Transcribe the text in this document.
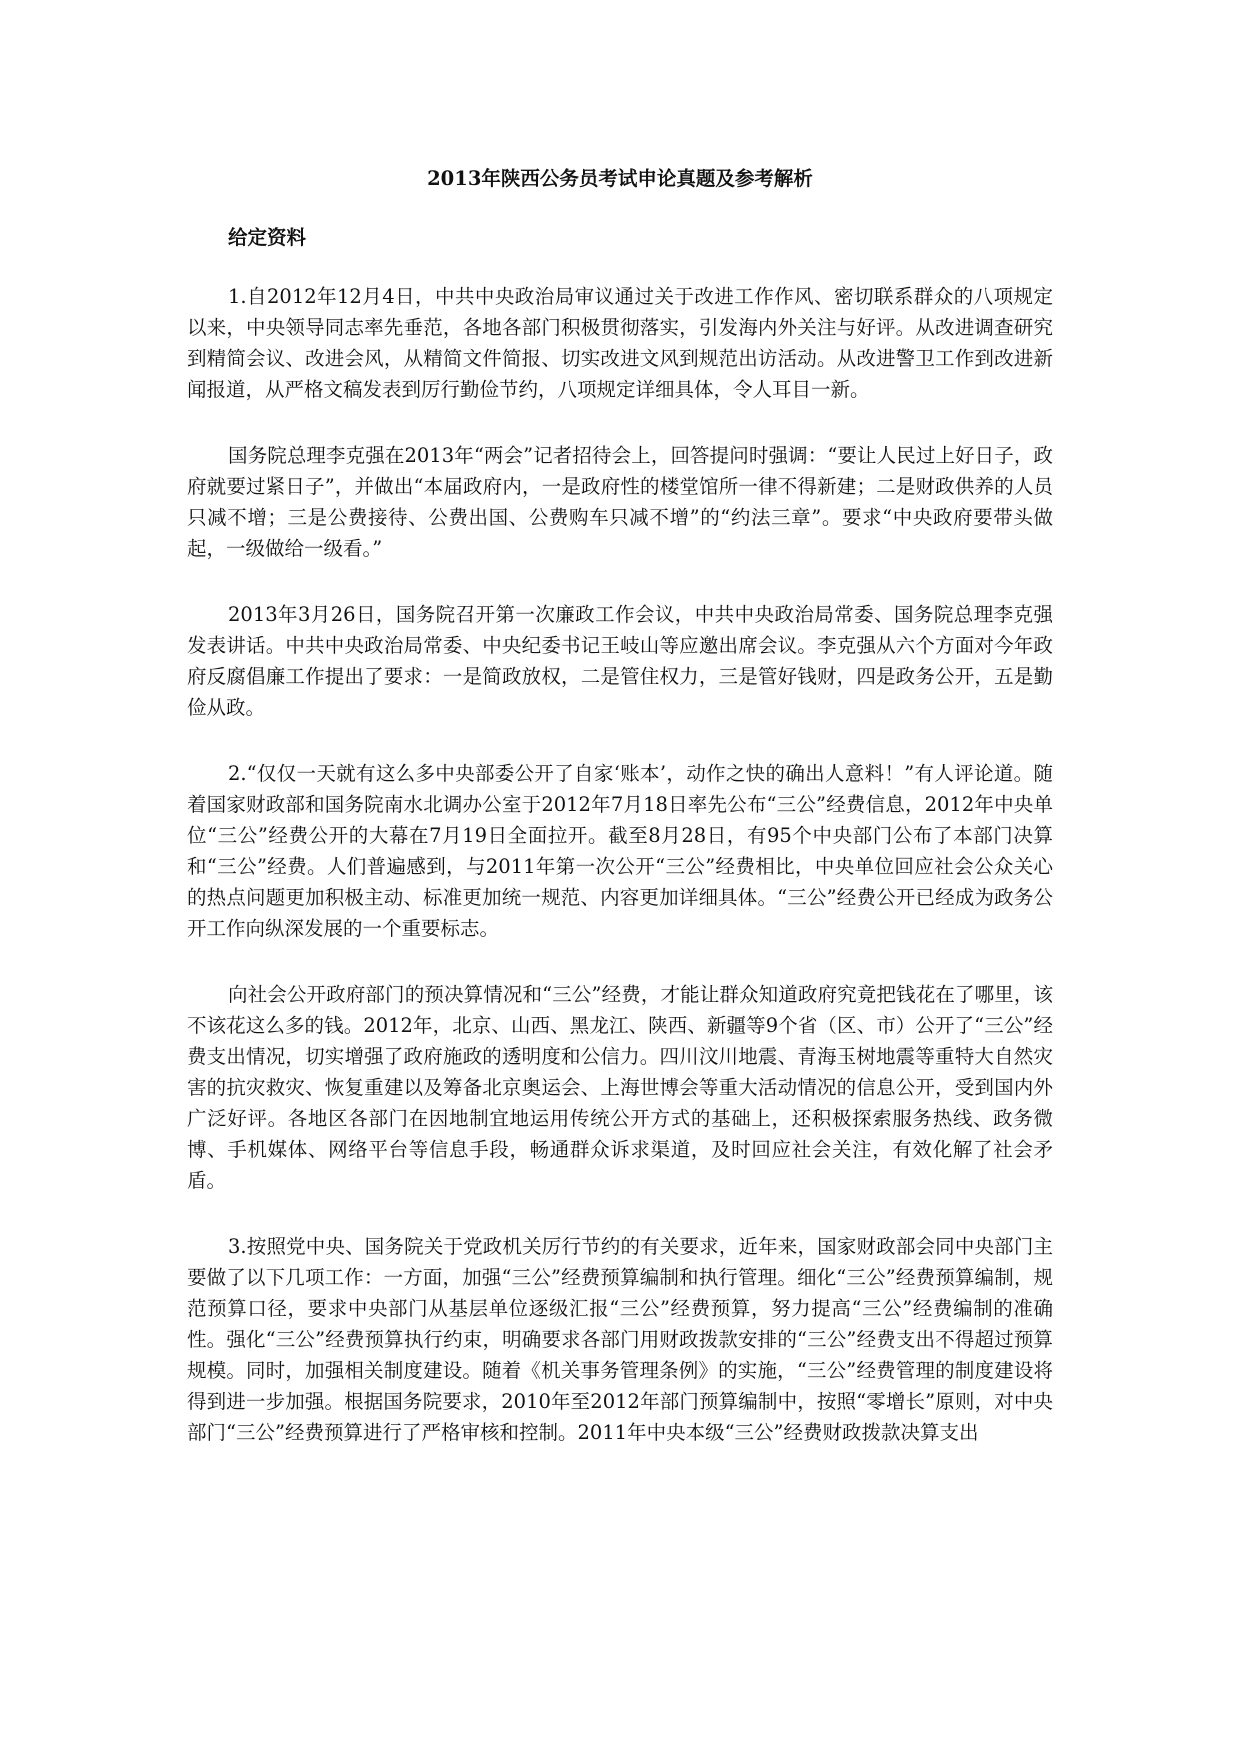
2013年陕西公务员考试申论真题及参考解析
给定资料

1.自2012年12月4日，中共中央政治局审议通过关于改进工作作风、密切联系群众的八项规定以来，中央领导同志率先垂范，各地各部门积极贯彻落实，引发海内外关注与好评。从改进调查研究到精简会议、改进会风，从精简文件简报、切实改进文风到规范出访活动。从改进警卫工作到改进新闻报道，从严格文稿发表到厉行勤俭节约，八项规定详细具体，令人耳目一新。

国务院总理李克强在2013年“两会”记者招待会上，回答提问时强调：“要让人民过上好日子，政府就要过紧日子”，并做出“本届政府内，一是政府性的楼堂馆所一律不得新建；二是财政供养的人员只减不增；三是公费接待、公费出国、公费购车只减不增”的“约法三章”。要求“中央政府要带头做起，一级做给一级看。”

2013年3月26日，国务院召开第一次廉政工作会议，中共中央政治局常委、国务院总理李克强发表讲话。中共中央政治局常委、中央纪委书记王岐山等应邀出席会议。李克强从六个方面对今年政府反腐倡廉工作提出了要求：一是简政放权，二是管住权力，三是管好钱财，四是政务公开，五是勤俭从政。

2.“仅仅一天就有这么多中央部委公开了自家‘账本’，动作之快的确出人意料！”有人评论道。随着国家财政部和国务院南水北调办公室于2012年7月18日率先公布“三公”经费信息，2012年中央单位“三公”经费公开的大幕在7月19日全面拉开。截至8月28日，有95个中央部门公布了本部门决算和“三公”经费。人们普遍感到，与2011年第一次公开“三公”经费相比，中央单位回应社会公众关心的热点问题更加积极主动、标准更加统一规范、内容更加详细具体。“三公”经费公开已经成为政务公开工作向纵深发展的一个重要标志。

向社会公开政府部门的预决算情况和“三公”经费，才能让群众知道政府究竟把钱花在了哪里，该不该花这么多的钱。2012年，北京、山西、黑龙江、陕西、新疆等9个省（区、市）公开了“三公”经费支出情况，切实增强了政府施政的透明度和公信力。四川汶川地震、青海玉树地震等重特大自然灾害的抗灾救灾、恢复重建以及筹备北京奥运会、上海世博会等重大活动情况的信息公开，受到国内外广泛好评。各地区各部门在因地制宜地运用传统公开方式的基础上，还积极探索服务热线、政务微博、手机媒体、网络平台等信息手段，畅通群众诉求渠道，及时回应社会关注，有效化解了社会矛盾。

3.按照党中央、国务院关于党政机关厉行节约的有关要求，近年来，国家财政部会同中央部门主要做了以下几项工作：一方面，加强“三公”经费预算编制和执行管理。细化“三公”经费预算编制，规范预算口径，要求中央部门从基层单位逐级汇报“三公”经费预算，努力提高“三公”经费编制的准确性。强化“三公”经费预算执行约束，明确要求各部门用财政拨款安排的“三公”经费支出不得超过预算规模。同时，加强相关制度建设。随着《机关事务管理条例》的实施，“三公”经费管理的制度建设将得到进一步加强。根据国务院要求，2010年至2012年部门预算编制中，按照“零增长”原则，对中央部门“三公”经费预算进行了严格审核和控制。2011年中央本级“三公”经费财政拨款决算支出
